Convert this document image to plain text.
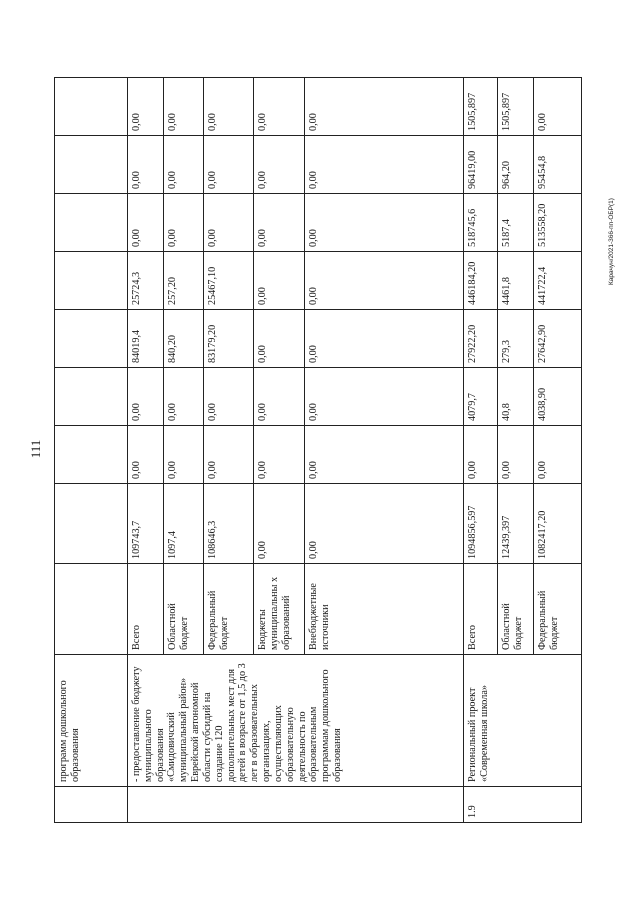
111
	программ дошкольного образования									
	- предоставление бюджету муниципального образования «Смидовичский муниципальный район» Еврейской автономной области субсидий на создание 120 дополнительных мест для детей в возрасте от 1,5 до 3 лет в образовательных организациях, осуществляющих образовательную деятельность по образовательным программам дошкольного образования	Всего	109743,7	0,00	0,00	84019,4	25724,3	0,00	0,00	0,00
		Областной бюджет	1097,4	0,00	0,00	840,20	257,20	0,00	0,00	0,00
		Федеральный бюджет	108646,3	0,00	0,00	83179,20	25467,10	0,00	0,00	0,00
		Бюджеты муниципальны х образований	0,00	0,00	0,00	0,00	0,00	0,00	0,00	0,00
		Внебюджетные источники	0,00	0,00	0,00	0,00	0,00	0,00	0,00	0,00
1.9	Региональный проект «Современная школа»	Всего	1094856,597	0,00	4079,7	27922,20	446184,20	518745,6	96419,00	1505,897
		Областной бюджет	12439,397	0,00	40,8	279,3	4461,8	5187,4	964,20	1505,897
		Федеральный бюджет	1082417,20	0,00	4038,90	27642,90	441722,4	513558,20	95454,8	0,00
Карачун/2021-366-пп-ОБР(1)
